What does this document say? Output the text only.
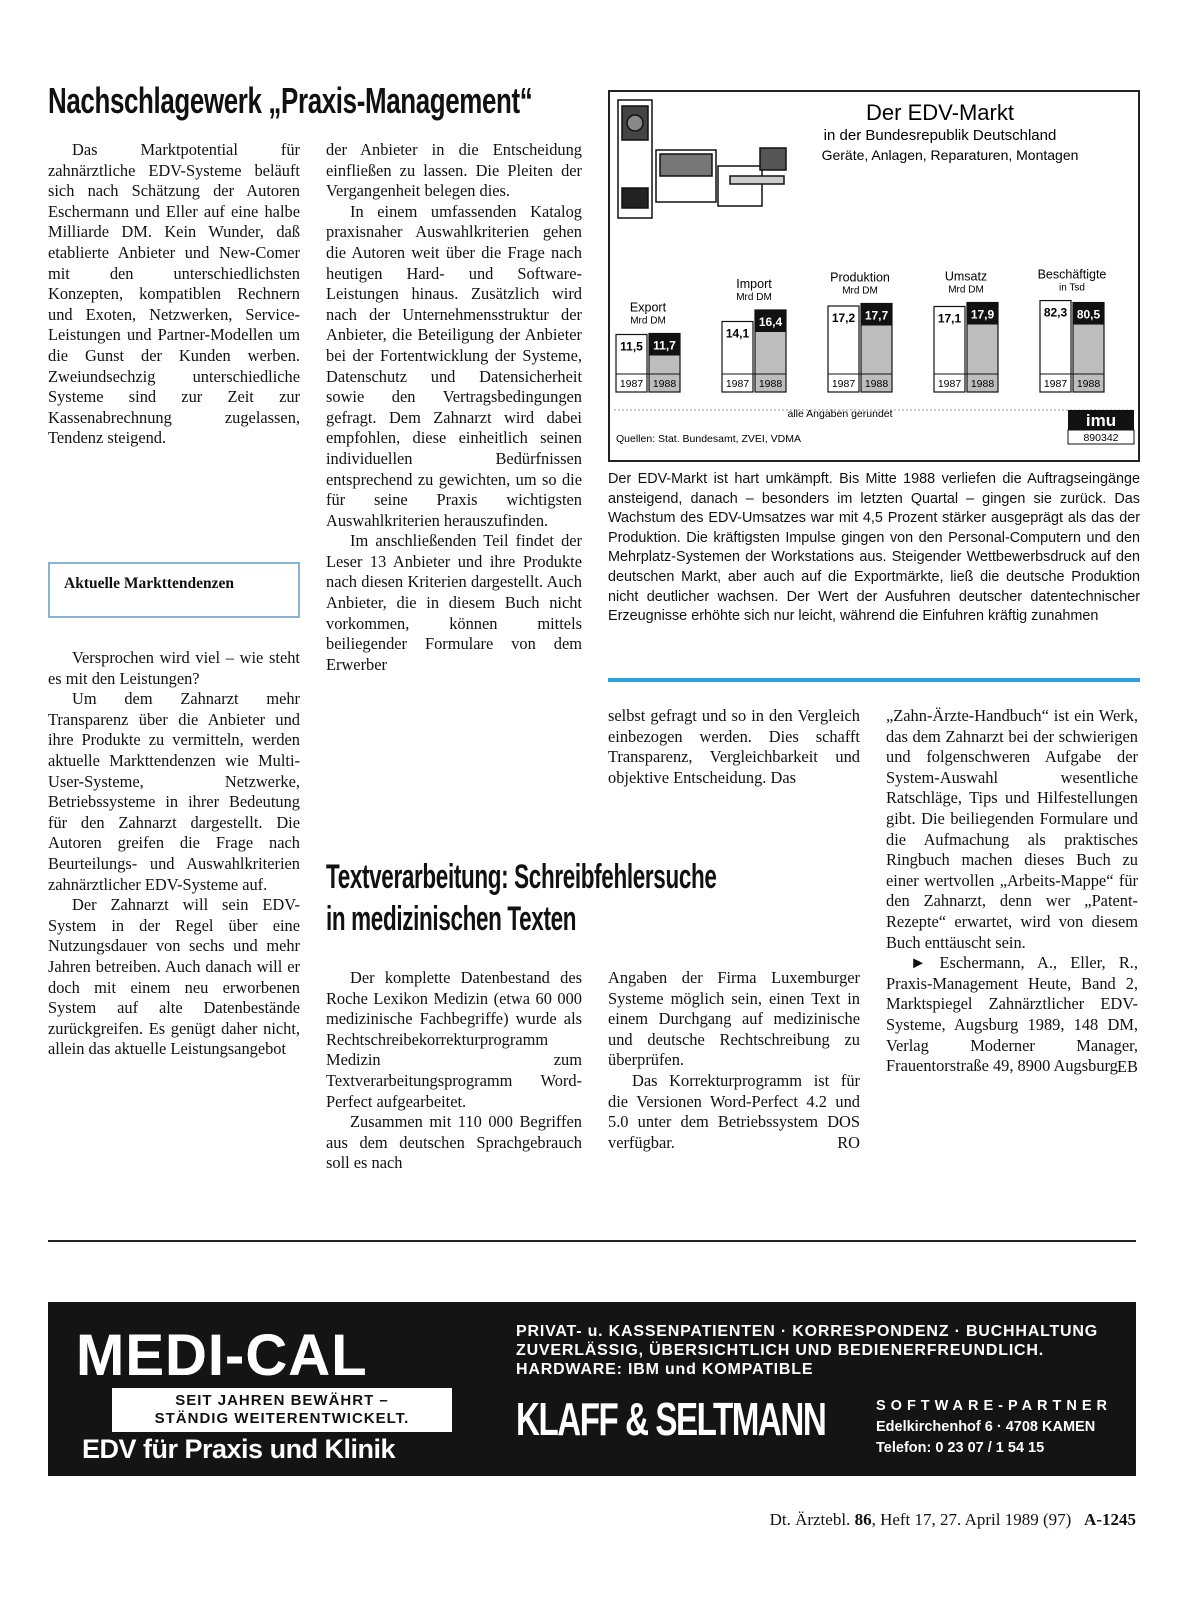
Nachschlagewerk „Praxis-Management“

Das Marktpotential für zahnärztliche EDV-Systeme beläuft sich nach Schätzung der Autoren Eschermann und Eller auf eine halbe Milliarde DM. Kein Wunder, daß etablierte Anbieter und New-Comer mit den unterschiedlichsten Konzepten, kompatiblen Rechnern und Exoten, Netzwerken, Service-Leistungen und Partner-Modellen um die Gunst der Kunden werben. Zweiundsechzig unterschiedliche Systeme sind zur Zeit zur Kassenabrechnung zugelassen, Tendenz steigend.

Aktuelle Markttendenzen

Versprochen wird viel – wie steht es mit den Leistungen?

Um dem Zahnarzt mehr Transparenz über die Anbieter und ihre Produkte zu vermitteln, werden aktuelle Markttendenzen wie Multi-User-Systeme, Netzwerke, Betriebssysteme in ihrer Bedeutung für den Zahnarzt dargestellt. Die Autoren greifen die Frage nach Beurteilungs- und Auswahlkriterien zahnärztlicher EDV-Systeme auf.

Der Zahnarzt will sein EDV-System in der Regel über eine Nutzungsdauer von sechs und mehr Jahren betreiben. Auch danach will er doch mit einem neu erworbenen System auf alte Datenbestände zurückgreifen. Es genügt daher nicht, allein das aktuelle Leistungsangebot

der Anbieter in die Entscheidung einfließen zu lassen. Die Pleiten der Vergangenheit belegen dies.

In einem umfassenden Katalog praxisnaher Auswahlkriterien gehen die Autoren weit über die Frage nach heutigen Hard- und Software-Leistungen hinaus. Zusätzlich wird nach der Unternehmensstruktur der Anbieter, die Beteiligung der Anbieter bei der Fortentwicklung der Systeme, Datenschutz und Datensicherheit sowie den Vertragsbedingungen gefragt. Dem Zahnarzt wird dabei empfohlen, diese einheitlich seinen individuellen Bedürfnissen entsprechend zu gewichten, um so die für seine Praxis wichtigsten Auswahlkriterien herauszufinden.

Im anschließenden Teil findet der Leser 13 Anbieter und ihre Produkte nach diesen Kriterien dargestellt. Auch Anbieter, die in diesem Buch nicht vorkommen, können mittels beiliegender Formulare von dem Erwerber

Der EDV-Markt
in der Bundesrepublik Deutschland
Geräte, Anlagen, Reparaturen, Montagen
11,5 11,7
1987 1988
Export
Mrd DM
14,1
16,4
1987 1988
Import
Mrd DM
17,2 17,7
1987 1988
Produktion
Mrd DM
17,1 17,9
1987 1988
Umsatz
Mrd DM
82,3 80,5
1987 1988
Beschäftigte
in Tsd
alle Angaben gerundet
Quellen: Stat. Bundesamt, ZVEI, VDMA
imu
890342
Der EDV-Markt ist hart umkämpft. Bis Mitte 1988 verliefen die Auftragseingänge ansteigend, danach – besonders im letzten Quartal – gingen sie zurück. Das Wachstum des EDV-Umsatzes war mit 4,5 Prozent stärker ausgeprägt als das der Produktion. Die kräftigsten Impulse gingen von den Personal-Computern und den Mehrplatz-Systemen der Workstations aus. Steigender Wettbewerbsdruck auf den deutschen Markt, aber auch auf die Exportmärkte, ließ die deutsche Produktion nicht deutlicher wachsen. Der Wert der Ausfuhren deutscher datentechnischer Erzeugnisse erhöhte sich nur leicht, während die Einfuhren kräftig zunahmen

selbst gefragt und so in den Vergleich einbezogen werden. Dies schafft Transparenz, Vergleichbarkeit und objektive Entscheidung. Das

„Zahn-Ärzte-Handbuch“ ist ein Werk, das dem Zahnarzt bei der schwierigen und folgenschweren Aufgabe der System-Auswahl wesentliche Ratschläge, Tips und Hilfestellungen gibt. Die beiliegenden Formulare und die Aufmachung als praktisches Ringbuch machen dieses Buch zu einer wertvollen „Arbeits-Mappe“ für den Zahnarzt, denn wer „Patent-Rezepte“ erwartet, wird von diesem Buch enttäuscht sein.

► Eschermann, A., Eller, R., Praxis-Management Heute, Band 2, Marktspiegel Zahnärztlicher EDV-Systeme, Augsburg 1989, 148 DM, Verlag Moderner Manager, Frauentorstraße 49, 8900 Augsburg EB
Textverarbeitung: Schreibfehlersuche
in medizinischen Texten

Der komplette Datenbestand des Roche Lexikon Medizin (etwa 60 000 medizinische Fachbegriffe) wurde als Rechtschreibekorrekturprogramm Medizin zum Textverarbeitungsprogramm Word-Perfect aufgearbeitet.

Zusammen mit 110 000 Begriffen aus dem deutschen Sprachgebrauch soll es nach

Angaben der Firma Luxemburger Systeme möglich sein, einen Text in einem Durchgang auf medizinische und deutsche Rechtschreibung zu überprüfen.

Das Korrekturprogramm ist für die Versionen Word-Perfect 4.2 und 5.0 unter dem Betriebssystem DOS verfügbar.	RO
MEDI-CAL
SEIT JAHREN BEWÄHRT –
STÄNDIG WEITERENTWICKELT.
EDV für Praxis und Klinik
PRIVAT- u. KASSENPATIENTEN · KORRESPONDENZ · BUCHHALTUNG
ZUVERLÄSSIG, ÜBERSICHTLICH UND BEDIENERFREUNDLICH.
HARDWARE: IBM und KOMPATIBLE
KLAFF & SELTMANN	SOFTWARE-PARTNER
Edelkirchenhof 6 · 4708 KAMEN
Telefon: 0 23 07 / 1 54 15
Dt. Ärztebl. 86, Heft 17, 27. April 1989 (97) A-1245
